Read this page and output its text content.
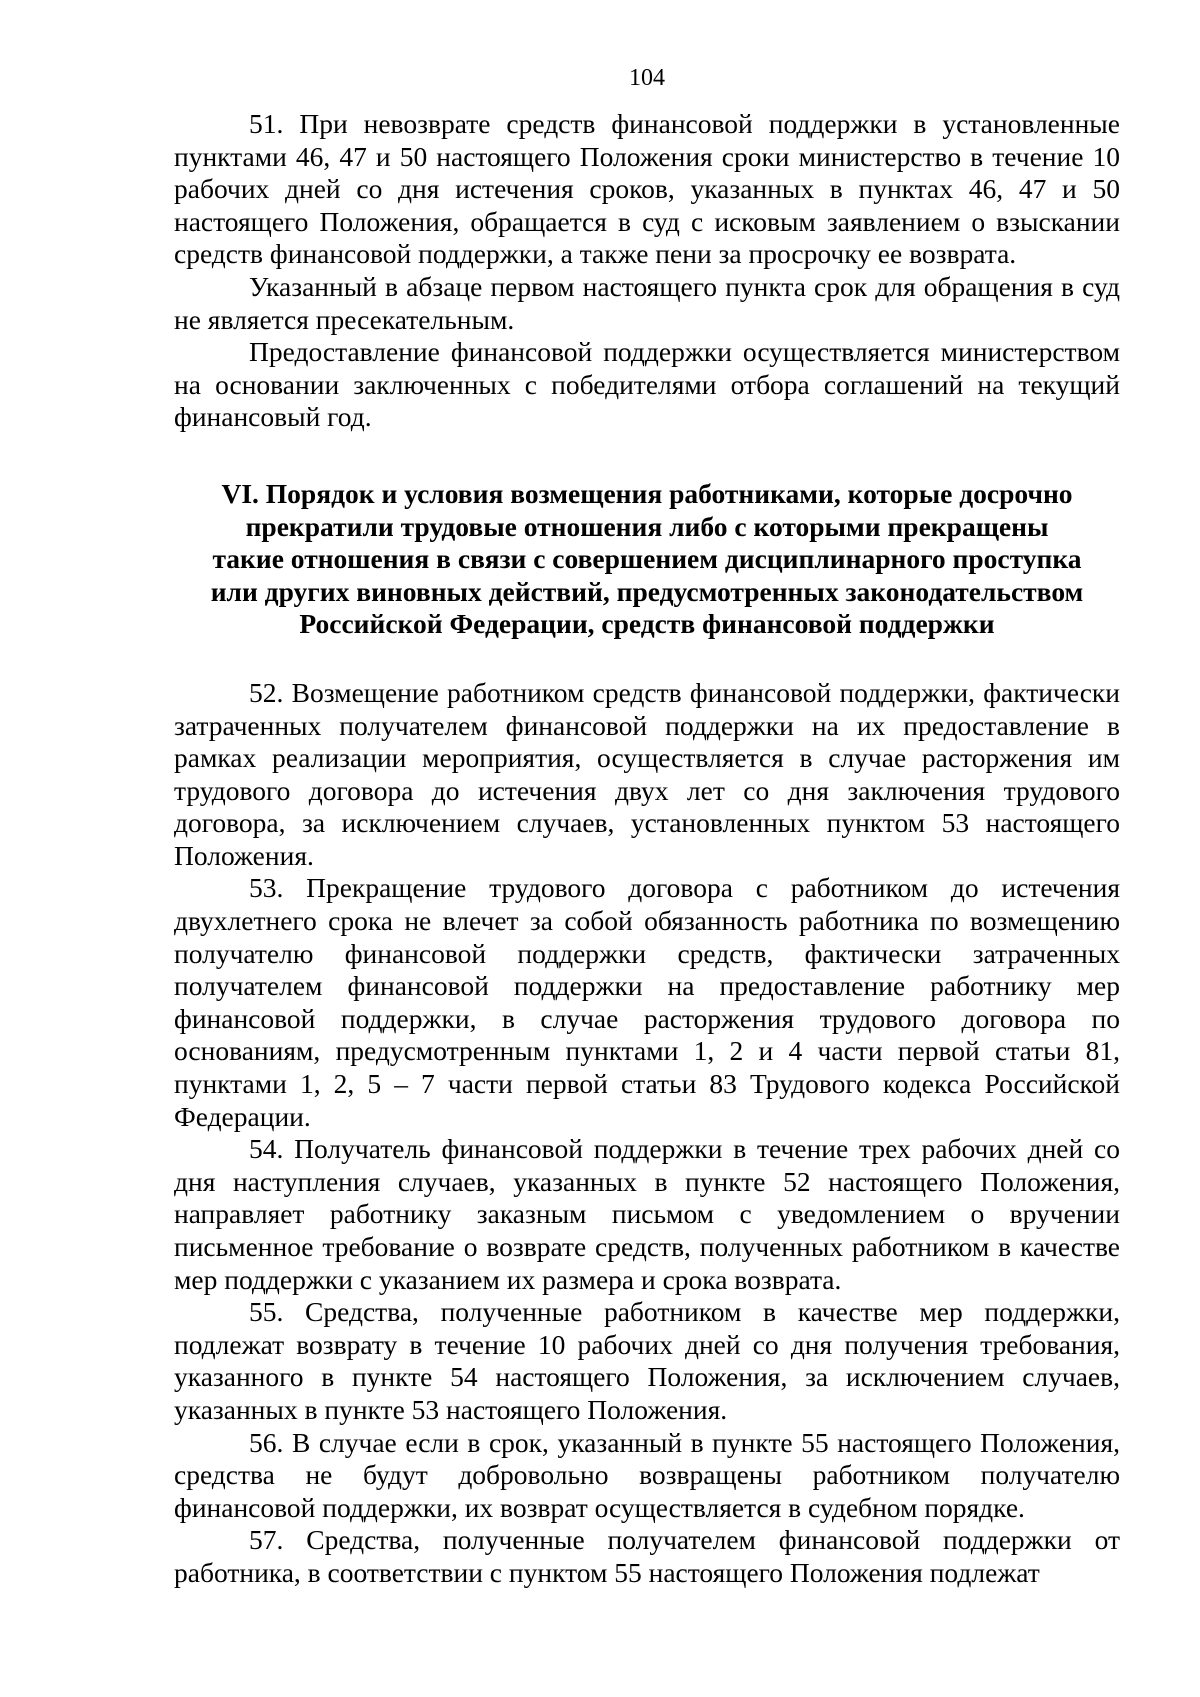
104

51. При невозврате средств финансовой поддержки в установленные пунктами 46, 47 и 50 настоящего Положения сроки министерство в течение 10 рабочих дней со дня истечения сроков, указанных в пунктах 46, 47 и 50 настоящего Положения, обращается в суд с исковым заявлением о взыскании средств финансовой поддержки, а также пени за просрочку ее возврата.

Указанный в абзаце первом настоящего пункта срок для обращения в суд не является пресекательным.

Предоставление финансовой поддержки осуществляется министерством на основании заключенных с победителями отбора соглашений на текущий финансовый год.

VI. Порядок и условия возмещения работниками, которые досрочно
прекратили трудовые отношения либо с которыми прекращены
такие отношения в связи с совершением дисциплинарного проступка
или других виновных действий, предусмотренных законодательством
Российской Федерации, средств финансовой поддержки

52. Возмещение работником средств финансовой поддержки, фактически затраченных получателем финансовой поддержки на их предоставление в рамках реализации мероприятия, осуществляется в случае расторжения им трудового договора до истечения двух лет со дня заключения трудового договора, за исключением случаев, установленных пунктом 53 настоящего Положения.

53. Прекращение трудового договора с работником до истечения двухлетнего срока не влечет за собой обязанность работника по возмещению получателю финансовой поддержки средств, фактически затраченных получателем финансовой поддержки на предоставление работнику мер финансовой поддержки, в случае расторжения трудового договора по основаниям, предусмотренным пунктами 1, 2 и 4 части первой статьи 81, пунктами 1, 2, 5 – 7 части первой статьи 83 Трудового кодекса Российской Федерации.

54. Получатель финансовой поддержки в течение трех рабочих дней со дня наступления случаев, указанных в пункте 52 настоящего Положения, направляет работнику заказным письмом с уведомлением о вручении письменное требование о возврате средств, полученных работником в качестве мер поддержки с указанием их размера и срока возврата.

55. Средства, полученные работником в качестве мер поддержки, подлежат возврату в течение 10 рабочих дней со дня получения требования, указанного в пункте 54 настоящего Положения, за исключением случаев, указанных в пункте 53 настоящего Положения.

56. В случае если в срок, указанный в пункте 55 настоящего Положения, средства не будут добровольно возвращены работником получателю финансовой поддержки, их возврат осуществляется в судебном порядке.

57. Средства, полученные получателем финансовой поддержки от работника, в соответствии с пунктом 55 настоящего Положения подлежат
